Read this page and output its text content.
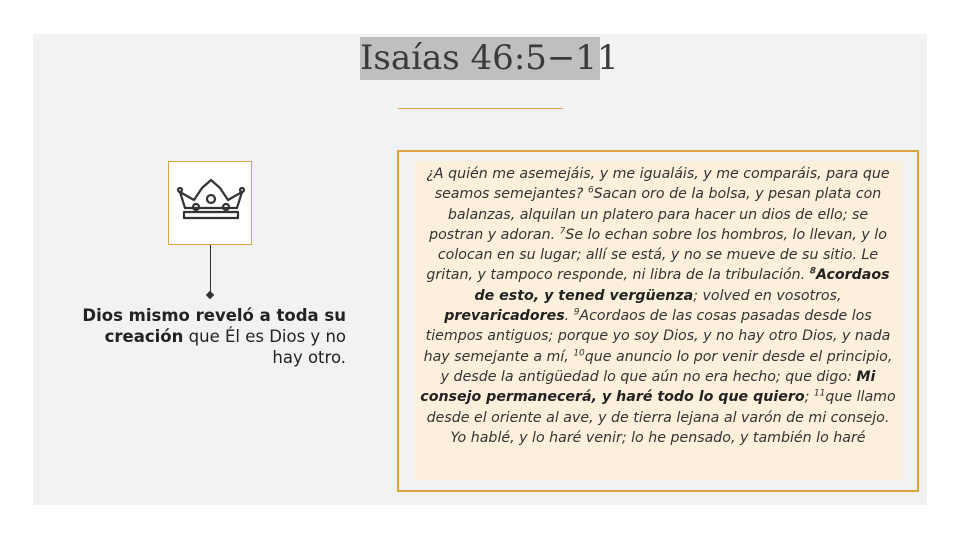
Isaías 46:5−11
Dios mismo reveló a toda su creación que Él es Dios y no hay otro.

¿A quién me asemejáis, y me igualáis, y me comparáis, para que seamos semejantes? $^6$Sacan oro de la bolsa, y pesan plata con balanzas, alquilan un platero para hacer un dios de ello; se postran y adoran. $^7$Se lo echan sobre los hombros, lo llevan, y lo colocan en su lugar; allí se está, y no se mueve de su sitio. Le gritan, y tampoco responde, ni libra de la tribulación. $^8$Acordaos de esto, y tened vergüenza; volved en vosotros, prevaricadores. $^9$Acordaos de las cosas pasadas desde los tiempos antiguos; porque yo soy Dios, y no hay otro Dios, y nada hay semejante a mí, $^{10}$que anuncio lo por venir desde el principio, y desde la antigüedad lo que aún no era hecho; que digo: Mi consejo permanecerá, y haré todo lo que quiero; $^{11}$que llamo desde el oriente al ave, y de tierra lejana al varón de mi consejo. Yo hablé, y lo haré venir; lo he pensado, y también lo haré
